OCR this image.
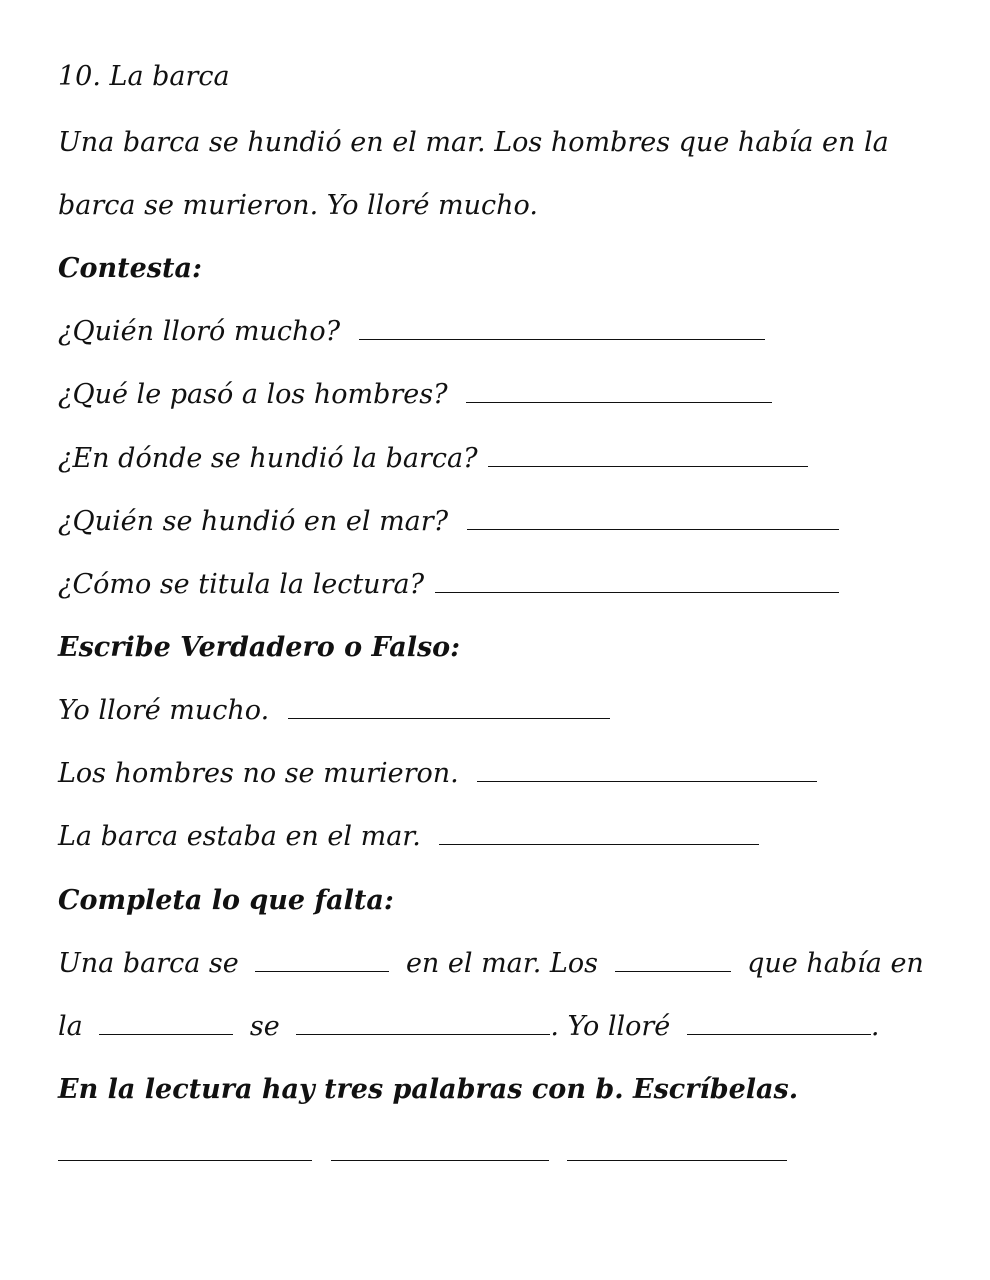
10. La barca
Una barca se hundió en el mar. Los hombres que había en la
barca se murieron. Yo lloré mucho.
Contesta:
¿Quién lloró mucho?
¿Qué le pasó a los hombres?
¿En dónde se hundió la barca?
¿Quién se hundió en el mar?
¿Cómo se titula la lectura?
Escribe Verdadero o Falso:
Yo lloré mucho.
Los hombres no se murieron.
La barca estaba en el mar.
Completa lo que falta:
Una barca se	en el mar. Los	que había en
la	se	. Yo lloré	.
En la lectura hay tres palabras con b. Escríbelas.
